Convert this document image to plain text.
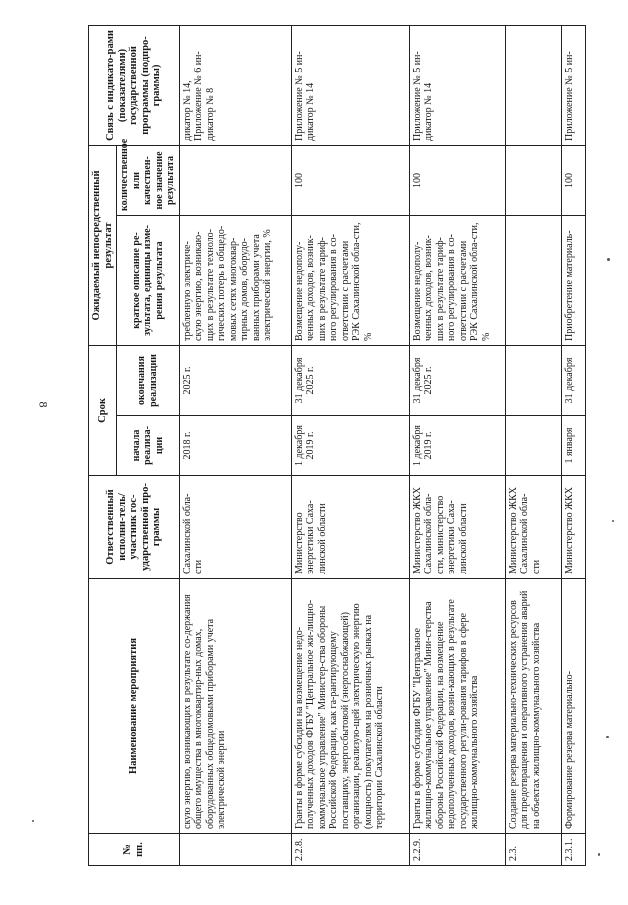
8
№ пп.	Наименование мероприятия	Ответственный исполни-тель/участник гос-ударственной про-граммы	Срок		Ожидаемый непосредственный результат		Связь с индикато-рами (показателями) государственной программы (подпро-граммы)
			начала реализа-ции	окончания реализации	краткое описание ре-зультата, единицы изме-рения результата	количественное или качествен-ное значение результата	
	скую энергию, возникающих в результате со-держания общего имущества в многоквартир-ных домах, оборудованных общедомовыми приборами учета электрической энергии	Сахалинской обла-сти	2018 г.	2025 г.	требленную электриче-скую энергию, возникаю-щих в результате техноло-гических потерь в общедо-мовых сетях многоквар-тирных домов, оборудо-ванных приборами учета электрической энергии, %		дикатор № 14, Приложение № 6 ин-дикатор № 8
2.2.8.	Гранты в форме субсидии на возмещение недо-полученных доходов ФГБУ "Центральное жи-лищно-коммунальное управление" Министер-ства обороны Российской Федерации, как га-рантирующему поставщику, энергосбытовой (энергоснабжающей) организации, реализую-щей электрическую энергию (мощность) покупателям на розничных рынках на территории Сахалинской области	Министерство энергетики Саха-линской области	1 декабря 2019 г.	31 декабря 2025 г.	Возмещение недополу-ченных доходов, возник-ших в результате тариф-ного регулирования в со-ответствии с расчетами РЭК Сахалинской обла-сти, %	100	Приложение № 5 ин-дикатор № 14
2.2.9.	Гранты в форме субсидии ФГБУ "Центральное жилищно-коммунальное управление" Мини-стерства обороны Российской Федерации, на возмещение недополученных доходов, возни-кающих в результате государственного регули-рования тарифов в сфере жилищно-коммунального хозяйства	Министерство ЖКХ Сахалинской обла-сти, министерство энергетики Саха-линской области	1 декабря 2019 г.	31 декабря 2025 г.	Возмещение недополу-ченных доходов, возник-ших в результате тариф-ного регулирования в со-ответствии с расчетами РЭК Сахалинской обла-сти, %	100	Приложение № 5 ин-дикатор № 14
2.3.	Создание резерва материально-технических ресурсов для предотвращения и оперативного устранения аварий на объектах жилищно-коммунального хозяйства	Министерство ЖКХ Сахалинской обла-сти					
2.3.1.	Формирование резерва материально-	Министерство ЖКХ	1 января	31 декабря	Приобретение материаль-	100	Приложение № 5 ин-
